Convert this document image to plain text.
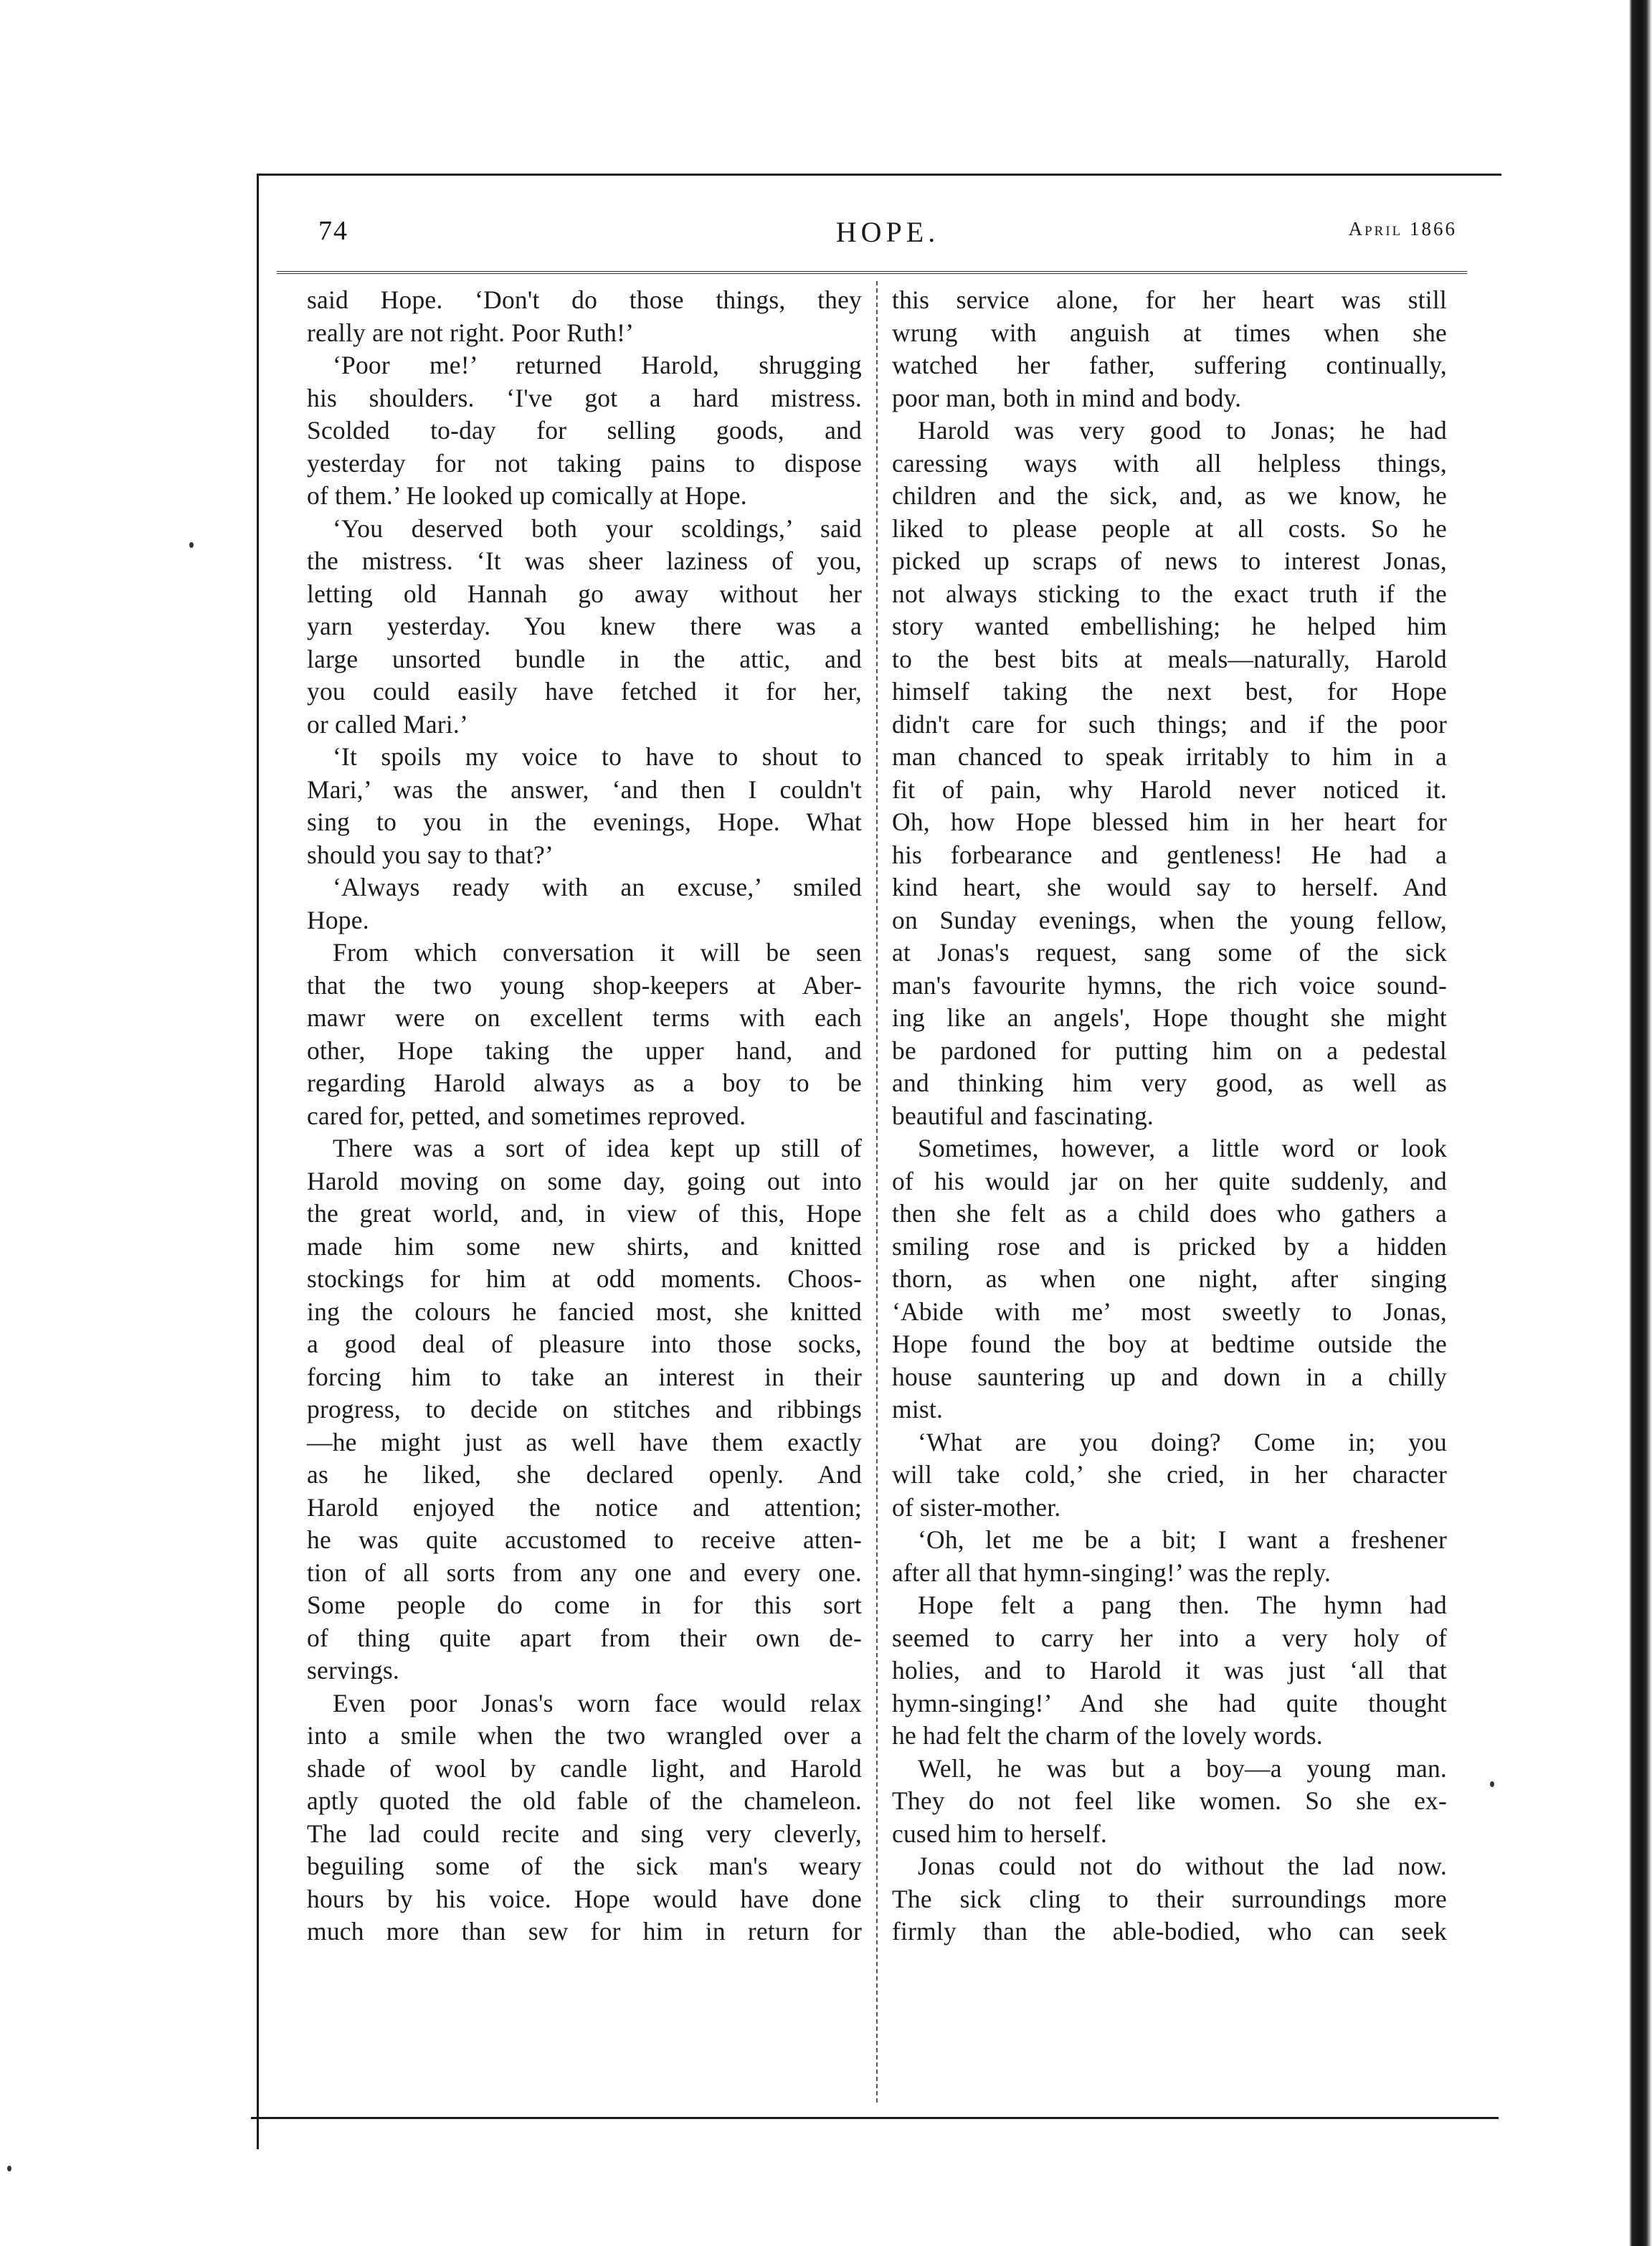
74	HOPE.	April 1866
said Hope. ‘Don't do those things, they
really are not right. Poor Ruth!’
‘Poor me!’ returned Harold, shrugging
his shoulders. ‘I've got a hard mistress.
Scolded to-day for selling goods, and
yesterday for not taking pains to dispose
of them.’ He looked up comically at Hope.
‘You deserved both your scoldings,’ said
the mistress. ‘It was sheer laziness of you,
letting old Hannah go away without her
yarn yesterday. You knew there was a
large unsorted bundle in the attic, and
you could easily have fetched it for her,
or called Mari.’
‘It spoils my voice to have to shout to
Mari,’ was the answer, ‘and then I couldn't
sing to you in the evenings, Hope. What
should you say to that?’
‘Always ready with an excuse,’ smiled
Hope.
From which conversation it will be seen
that the two young shop-keepers at Aber-
mawr were on excellent terms with each
other, Hope taking the upper hand, and
regarding Harold always as a boy to be
cared for, petted, and sometimes reproved.
There was a sort of idea kept up still of
Harold moving on some day, going out into
the great world, and, in view of this, Hope
made him some new shirts, and knitted
stockings for him at odd moments. Choos-
ing the colours he fancied most, she knitted
a good deal of pleasure into those socks,
forcing him to take an interest in their
progress, to decide on stitches and ribbings
—he might just as well have them exactly
as he liked, she declared openly. And
Harold enjoyed the notice and attention;
he was quite accustomed to receive atten-
tion of all sorts from any one and every one.
Some people do come in for this sort
of thing quite apart from their own de-
servings.
Even poor Jonas's worn face would relax
into a smile when the two wrangled over a
shade of wool by candle light, and Harold
aptly quoted the old fable of the chameleon.
The lad could recite and sing very cleverly,
beguiling some of the sick man's weary
hours by his voice. Hope would have done
much more than sew for him in return for
this service alone, for her heart was still
wrung with anguish at times when she
watched her father, suffering continually,
poor man, both in mind and body.
Harold was very good to Jonas; he had
caressing ways with all helpless things,
children and the sick, and, as we know, he
liked to please people at all costs. So he
picked up scraps of news to interest Jonas,
not always sticking to the exact truth if the
story wanted embellishing; he helped him
to the best bits at meals—naturally, Harold
himself taking the next best, for Hope
didn't care for such things; and if the poor
man chanced to speak irritably to him in a
fit of pain, why Harold never noticed it.
Oh, how Hope blessed him in her heart for
his forbearance and gentleness! He had a
kind heart, she would say to herself. And
on Sunday evenings, when the young fellow,
at Jonas's request, sang some of the sick
man's favourite hymns, the rich voice sound-
ing like an angels', Hope thought she might
be pardoned for putting him on a pedestal
and thinking him very good, as well as
beautiful and fascinating.
Sometimes, however, a little word or look
of his would jar on her quite suddenly, and
then she felt as a child does who gathers a
smiling rose and is pricked by a hidden
thorn, as when one night, after singing
‘Abide with me’ most sweetly to Jonas,
Hope found the boy at bedtime outside the
house sauntering up and down in a chilly
mist.
‘What are you doing? Come in; you
will take cold,’ she cried, in her character
of sister-mother.
‘Oh, let me be a bit; I want a freshener
after all that hymn-singing!’ was the reply.
Hope felt a pang then. The hymn had
seemed to carry her into a very holy of
holies, and to Harold it was just ‘all that
hymn-singing!’ And she had quite thought
he had felt the charm of the lovely words.
Well, he was but a boy—a young man.
They do not feel like women. So she ex-
cused him to herself.
Jonas could not do without the lad now.
The sick cling to their surroundings more
firmly than the able-bodied, who can seek
